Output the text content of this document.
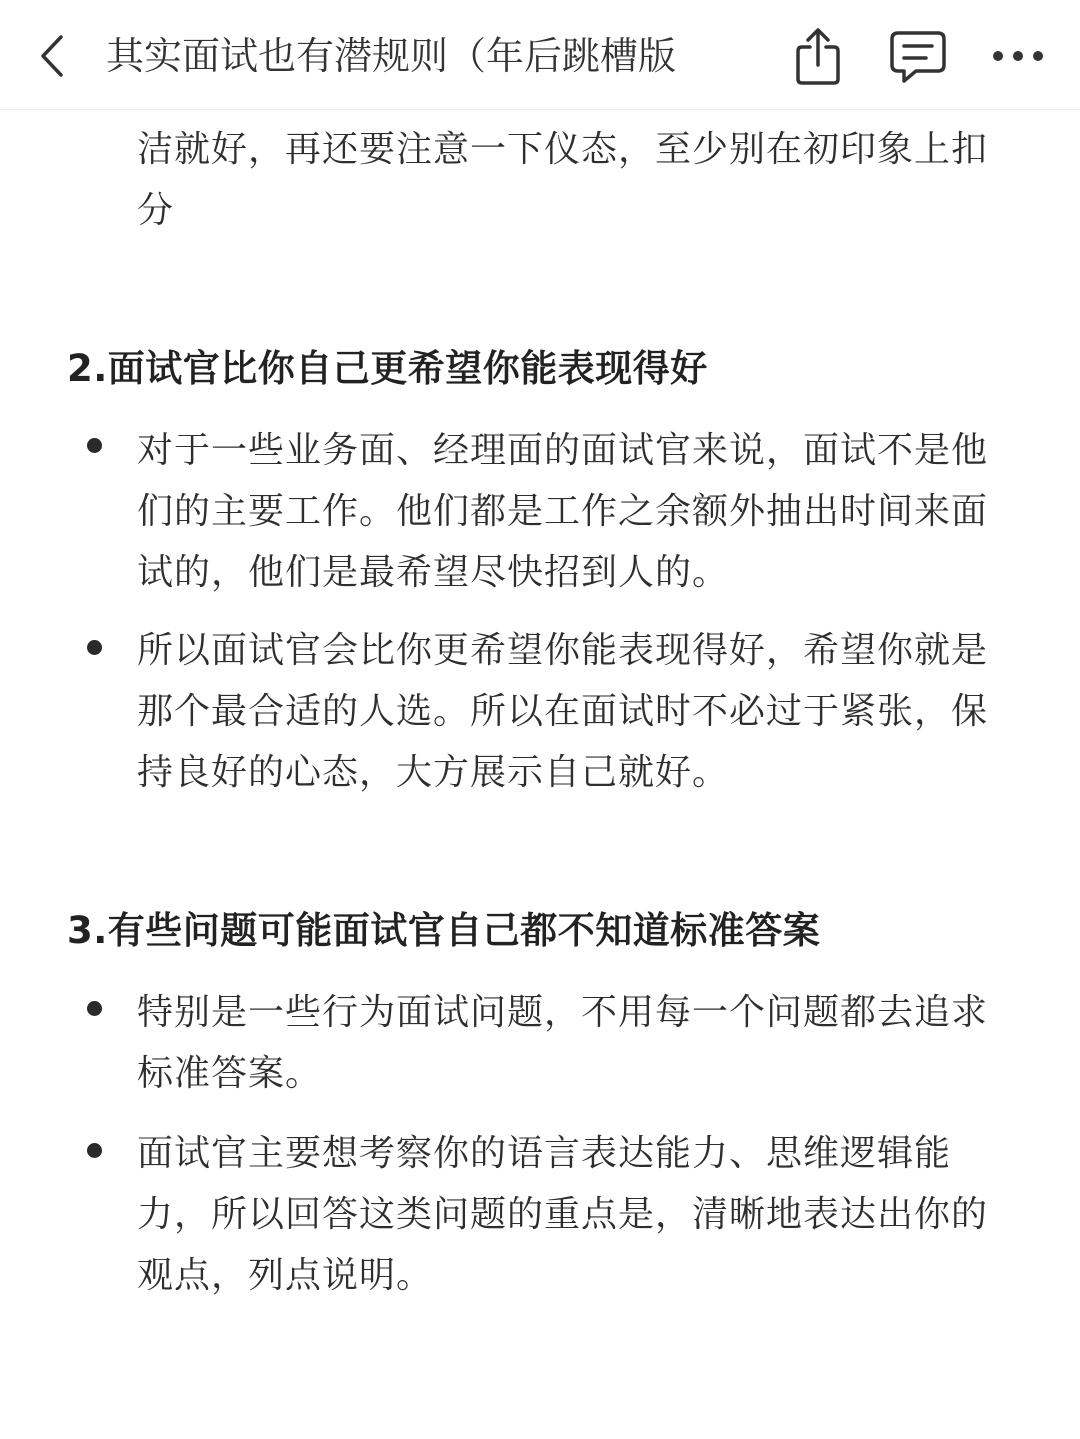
其实面试也有潜规则（年后跳槽版
洁就好，再还要注意一下仪态，至少别在初印象上扣分
2.面试官比你自己更希望你能表现得好
对于一些业务面、经理面的面试官来说，面试不是他们的主要工作。他们都是工作之余额外抽出时间来面试的，他们是最希望尽快招到人的。
所以面试官会比你更希望你能表现得好，希望你就是那个最合适的人选。所以在面试时不必过于紧张，保持良好的心态，大方展示自己就好。
3.有些问题可能面试官自己都不知道标准答案
特别是一些行为面试问题，不用每一个问题都去追求标准答案。
面试官主要想考察你的语言表达能力、思维逻辑能力，所以回答这类问题的重点是，清晰地表达出你的观点，列点说明。
